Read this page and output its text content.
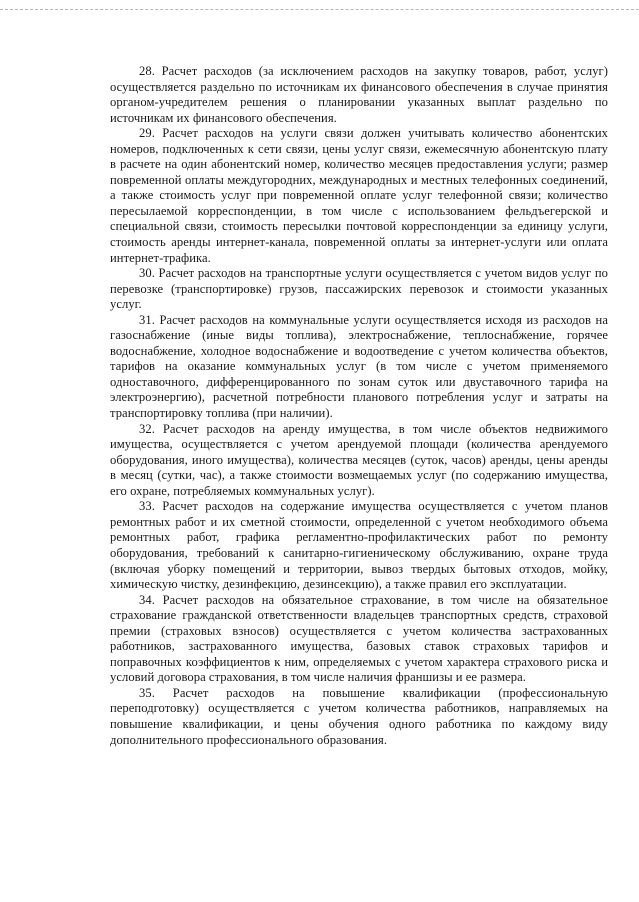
28. Расчет расходов (за исключением расходов на закупку товаров, работ, услуг) осуществляется раздельно по источникам их финансового обеспечения в случае принятия органом-учредителем решения о планировании указанных выплат раздельно по источникам их финансового обеспечения.

29. Расчет расходов на услуги связи должен учитывать количество абонентских номеров, подключенных к сети связи, цены услуг связи, ежемесячную абонентскую плату в расчете на один абонентский номер, количество месяцев предоставления услуги; размер повременной оплаты междугородних, международных и местных телефонных соединений, а также стоимость услуг при повременной оплате услуг телефонной связи; количество пересылаемой корреспонденции, в том числе с использованием фельдъегерской и специальной связи, стоимость пересылки почтовой корреспонденции за единицу услуги, стоимость аренды интернет-канала, повременной оплаты за интернет-услуги или оплата интернет-трафика.

30. Расчет расходов на транспортные услуги осуществляется с учетом видов услуг по перевозке (транспортировке) грузов, пассажирских перевозок и стоимости указанных услуг.

31. Расчет расходов на коммунальные услуги осуществляется исходя из расходов на газоснабжение (иные виды топлива), электроснабжение, теплоснабжение, горячее водоснабжение, холодное водоснабжение и водоотведение с учетом количества объектов, тарифов на оказание коммунальных услуг (в том числе с учетом применяемого одноставочного, дифференцированного по зонам суток или двуставочного тарифа на электроэнергию), расчетной потребности планового потребления услуг и затраты на транспортировку топлива (при наличии).

32. Расчет расходов на аренду имущества, в том числе объектов недвижимого имущества, осуществляется с учетом арендуемой площади (количества арендуемого оборудования, иного имущества), количества месяцев (суток, часов) аренды, цены аренды в месяц (сутки, час), а также стоимости возмещаемых услуг (по содержанию имущества, его охране, потребляемых коммунальных услуг).

33. Расчет расходов на содержание имущества осуществляется с учетом планов ремонтных работ и их сметной стоимости, определенной с учетом необходимого объема ремонтных работ, графика регламентно-профилактических работ по ремонту оборудования, требований к санитарно-гигиеническому обслуживанию, охране труда (включая уборку помещений и территории, вывоз твердых бытовых отходов, мойку, химическую чистку, дезинфекцию, дезинсекцию), а также правил его эксплуатации.

34. Расчет расходов на обязательное страхование, в том числе на обязательное страхование гражданской ответственности владельцев транспортных средств, страховой премии (страховых взносов) осуществляется с учетом количества застрахованных работников, застрахованного имущества, базовых ставок страховых тарифов и поправочных коэффициентов к ним, определяемых с учетом характера страхового риска и условий договора страхования, в том числе наличия франшизы и ее размера.

35. Расчет расходов на повышение квалификации (профессиональную переподготовку) осуществляется с учетом количества работников, направляемых на повышение квалификации, и цены обучения одного работника по каждому виду дополнительного профессионального образования.
